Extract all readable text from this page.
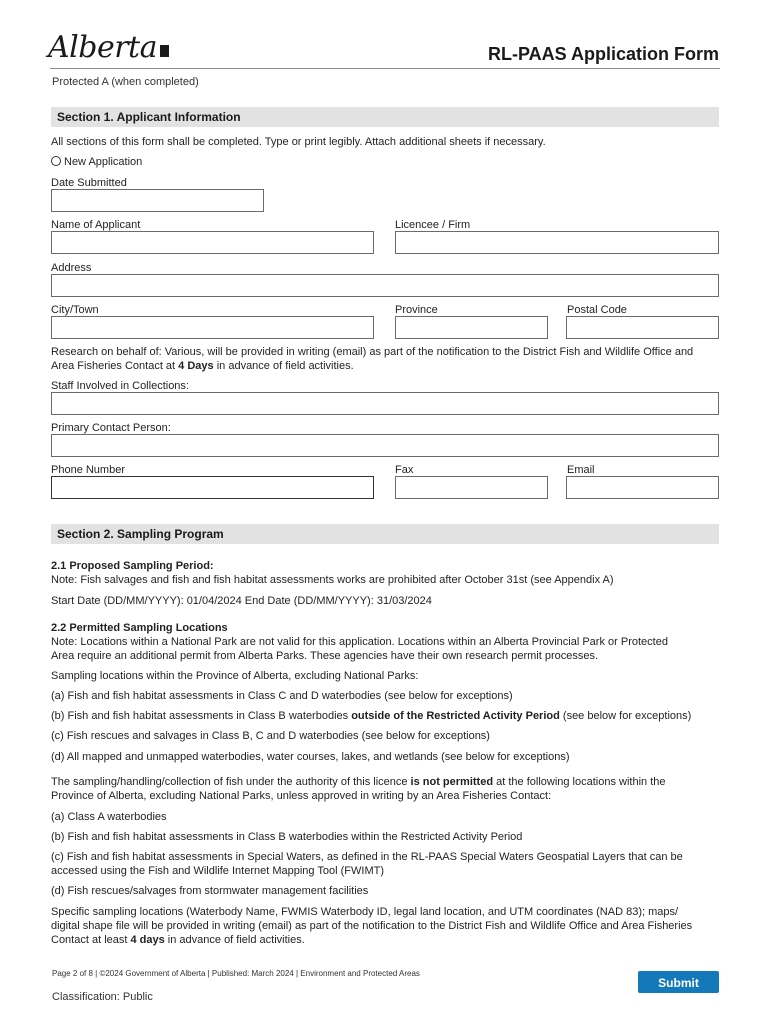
Alberta	RL-PAAS Application Form
Protected A (when completed)
Section 1. Applicant Information
All sections of this form shall be completed. Type or print legibly. Attach additional sheets if necessary.
New Application
Date Submitted
Name of Applicant	Licencee / Firm
Address
City/Town	Province	Postal Code
Research on behalf of: Various, will be provided in writing (email) as part of the notification to the District Fish and Wildlife Office and
Area Fisheries Contact at 4 Days in advance of field activities.
Staff Involved in Collections:
Primary Contact Person:
Phone Number	Fax	Email
Section 2. Sampling Program
2.1 Proposed Sampling Period:
Note: Fish salvages and fish and fish habitat assessments works are prohibited after October 31st (see Appendix A)
Start Date (DD/MM/YYYY): 01/04/2024 End Date (DD/MM/YYYY): 31/03/2024
2.2 Permitted Sampling Locations
Note: Locations within a National Park are not valid for this application. Locations within an Alberta Provincial Park or Protected
Area require an additional permit from Alberta Parks. These agencies have their own research permit processes.
Sampling locations within the Province of Alberta, excluding National Parks:
(a) Fish and fish habitat assessments in Class C and D waterbodies (see below for exceptions)
(b) Fish and fish habitat assessments in Class B waterbodies outside of the Restricted Activity Period (see below for exceptions)
(c) Fish rescues and salvages in Class B, C and D waterbodies (see below for exceptions)
(d) All mapped and unmapped waterbodies, water courses, lakes, and wetlands (see below for exceptions)
The sampling/handling/collection of fish under the authority of this licence is not permitted at the following locations within the
Province of Alberta, excluding National Parks, unless approved in writing by an Area Fisheries Contact:
(a) Class A waterbodies
(b) Fish and fish habitat assessments in Class B waterbodies within the Restricted Activity Period
(c) Fish and fish habitat assessments in Special Waters, as defined in the RL-PAAS Special Waters Geospatial Layers that can be
accessed using the Fish and Wildlife Internet Mapping Tool (FWIMT)
(d) Fish rescues/salvages from stormwater management facilities
Specific sampling locations (Waterbody Name, FWMIS Waterbody ID, legal land location, and UTM coordinates (NAD 83); maps/
digital shape file will be provided in writing (email) as part of the notification to the District Fish and Wildlife Office and Area Fisheries
Contact at least 4 days in advance of field activities.
Page 2 of 8 | ©2024 Government of Alberta | Published: March 2024 | Environment and Protected Areas
Classification: Public
Submit
